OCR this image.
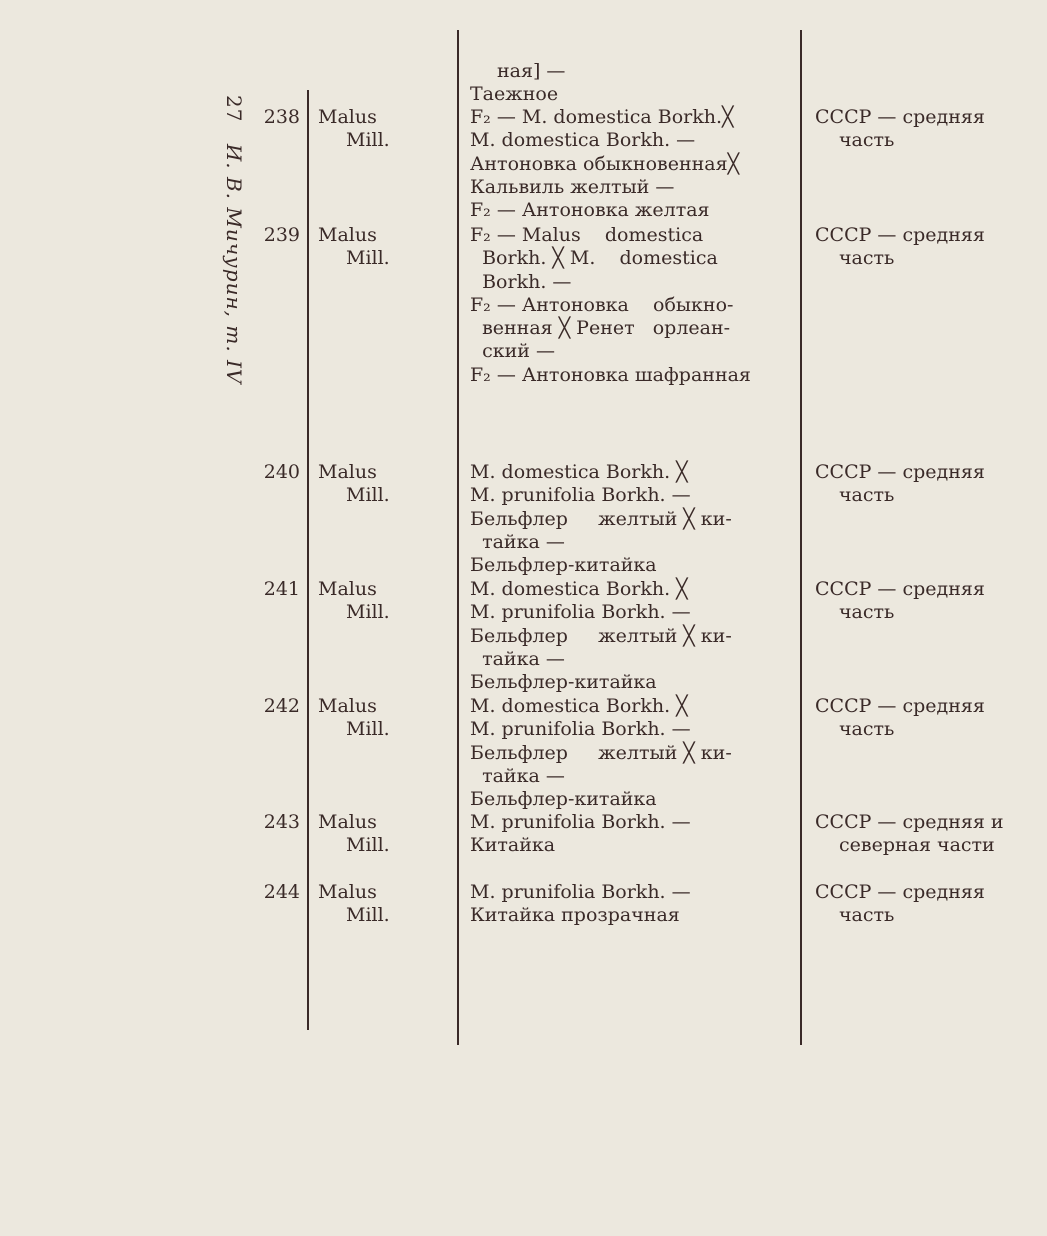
27 И. В. Мичурин, т. IV
ная] —
Таежное
238 Malus
Mill.
F₂ — M. domestica Borkh.╳
M. domestica Borkh. —
Антоновка обыкновенная╳
Кальвиль желтый —
F₂ — Антоновка желтая
СССР — средняя
часть
239 Malus
Mill.
F₂ — Malus    domestica
Borkh. ╳ M.    domestica
Borkh. —
F₂ — Антоновка    обыкно-
венная ╳ Ренет   орлеан-
ский —
F₂ — Антоновка шафранная
СССР — средняя
часть
240 Malus
Mill.
M. domestica Borkh. ╳
M. prunifolia Borkh. —
Бельфлер     желтый ╳ ки-
тайка —
Бельфлер-китайка
СССР — средняя
часть
241 Malus
Mill.
M. domestica Borkh. ╳
M. prunifolia Borkh. —
Бельфлер     желтый ╳ ки-
тайка —
Бельфлер-китайка
СССР — средняя
часть
242 Malus
Mill.
M. domestica Borkh. ╳
M. prunifolia Borkh. —
Бельфлер     желтый ╳ ки-
тайка —
Бельфлер-китайка
СССР — средняя
часть
243 Malus
Mill.
M. prunifolia Borkh. —
Китайка
СССР — средняя и
северная части
244 Malus
Mill.
M. prunifolia Borkh. —
Китайка прозрачная
СССР — средняя
часть
